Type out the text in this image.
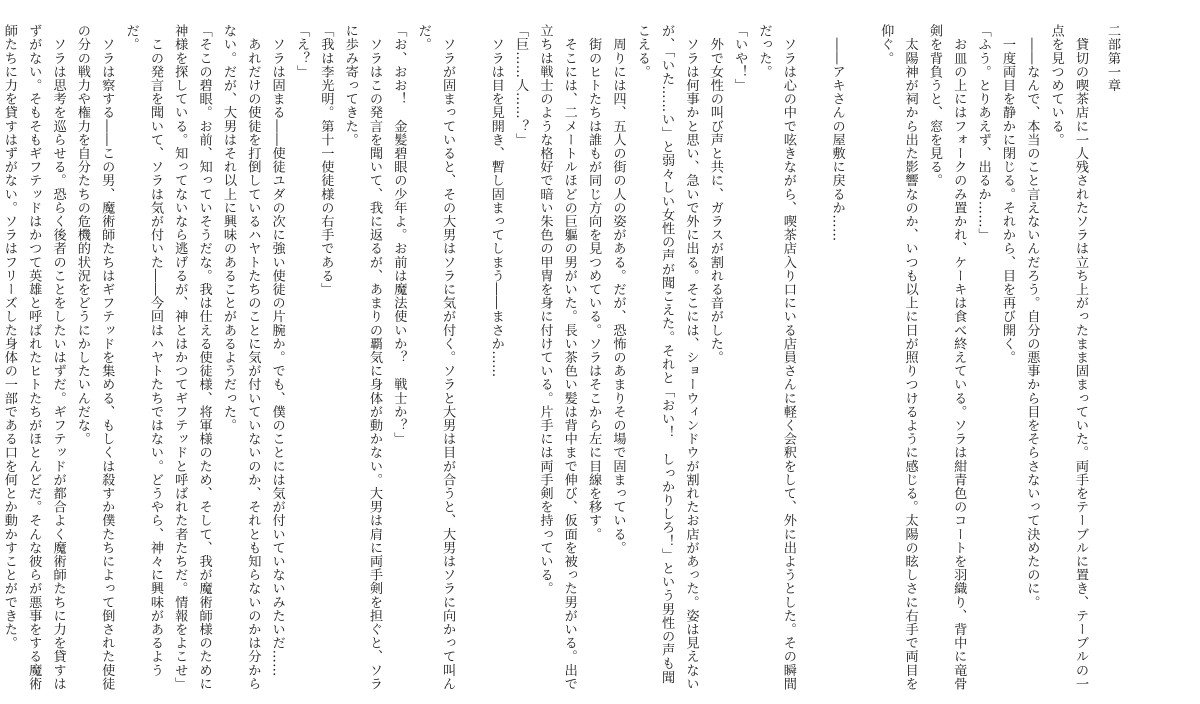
二部第一章

　貸切の喫茶店に一人残されたソラは立ち上がったまま固まっていた。両手をテーブルに置き、テーブルの一点を見つめている。

　――なんで、本当のこと言えないんだろう。自分の悪事から目をそらさないって決めたのに。

　一度両目を静かに閉じる。それから、目を再び開く。

「ふう。とりあえず、出るか……」

　お皿の上にはフォークのみ置かれ、ケーキは食べ終えている。ソラは紺青色のコートを羽織り、背中に竜骨剣を背負うと、窓を見る。

　太陽神が祠から出た影響なのか、いつも以上に日が照りつけるように感じる。太陽の眩しさに右手で両目を仰ぐ。

　――アキさんの屋敷に戻るか……

　ソラは心の中で呟きながら、喫茶店入り口にいる店員さんに軽く会釈をして、外に出ようとした。その瞬間だった。

「いや！」

　外で女性の叫び声と共に、ガラスが割れる音がした。

　ソラは何事かと思い、急いで外に出る。そこには、ショーウィンドウが割れたお店があった。姿は見えないが、「いた……い」と弱々しい女性の声が聞こえた。それと「おい！　しっかりしろ！」という男性の声も聞こえる。

　周りには四、五人の街の人の姿がある。だが、恐怖のあまりその場で固まっている。

　街のヒトたちは誰もが同じ方向を見つめている。ソラはそこから左に目線を移す。

　そこには、二メートルほどの巨軀の男がいた。長い茶色い髪は背中まで伸び、仮面を被った男がいる。出で立ちは戦士のような格好で暗い朱色の甲冑を身に付けている。片手には両手剣を持っている。

「巨……人……？」

　ソラは目を見開き、暫し固まってしまう――まさか……

　ソラが固まっていると、その大男はソラに気が付く。ソラと大男は目が合うと、大男はソラに向かって叫んだ。

「お、おお！　金髪碧眼の少年よ。お前は魔法使いか？　戦士か？」

　ソラはこの発言を聞いて、我に返るが、あまりの覇気に身体が動かない。大男は肩に両手剣を担ぐと、ソラに歩み寄ってきた。

「我は李光明。第十一使徒様の右手である」

「え？」

　ソラは固まる――使徒ユダの次に強い使徒の片腕か。でも、僕のことには気が付いていないみたいだ……

　あれだけの使徒を打倒しているハヤトたちのことに気が付いていないのか、それとも知らないのかは分からない。だが、大男はそれ以上に興味のあることがあるようだった。

「そこの碧眼。お前、知っていそうだな。我は仕える使徒様、将軍様のため、そして、我が魔術師様のために神様を探している。知ってないなら逃げるが、神とはかつてギフテッドと呼ばれた者たちだ。情報をよこせ」

　この発言を聞いて、ソラは気が付いた――今回はハヤトたちではない。どうやら、神々に興味があるようだ。

　ソラは察する――この男、魔術師たちはギフテッドを集める、もしくは殺すか僕たちによって倒された使徒の分の戦力や権力を自分たちの危機的状況をどうにかしたいんだな。

　ソラは思考を巡らせる。恐らく後者のことをしたいはずだ。ギフテッドが都合よく魔術師たちに力を貸すはずがない。そもそもギフテッドはかつて英雄と呼ばれたヒトたちがほとんどだ。そんな彼らが悪事をする魔術師たちに力を貸すはずがない。ソラはフリーズした身体の一部である口を何とか動かすことができた。
